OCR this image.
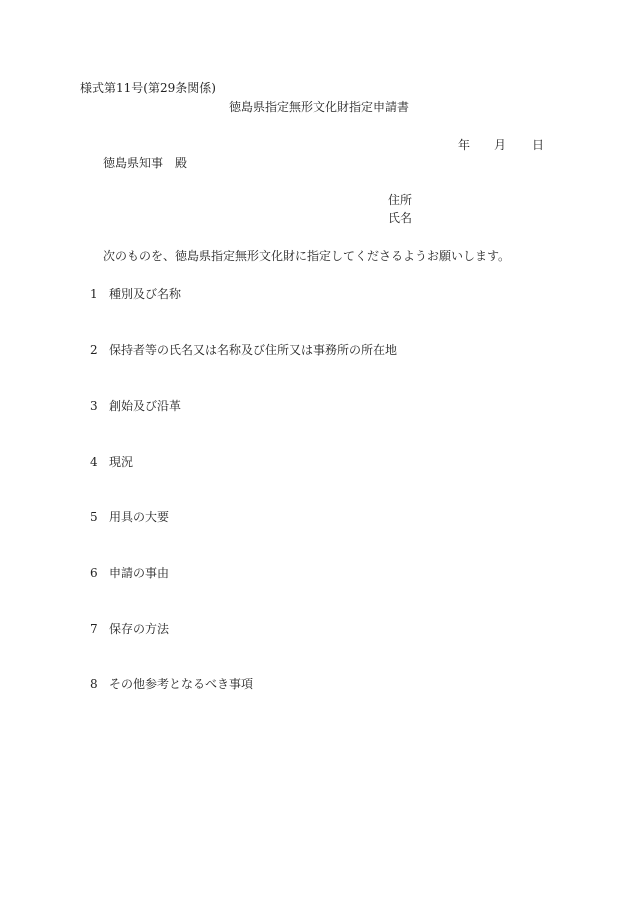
様式第11号(第29条関係)
徳島県指定無形文化財指定申請書
年 月 日
徳島県知事 殿
住所
氏名
次のものを、徳島県指定無形文化財に指定してくださるようお願いします。
1 種別及び名称
2 保持者等の氏名又は名称及び住所又は事務所の所在地
3 創始及び沿革
4 現況
5 用具の大要
6 申請の事由
7 保存の方法
8 その他参考となるべき事項
